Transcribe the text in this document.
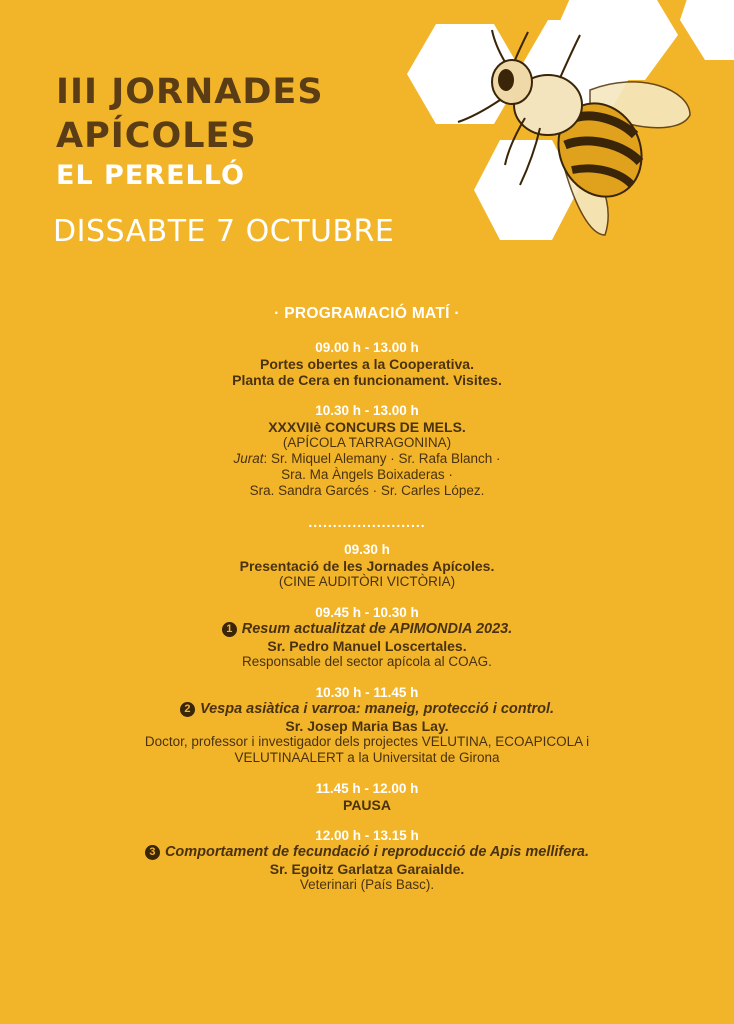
III JORNADES

APÍCOLES

EL PERELLÓ

DISSABTE 7 OCTUBRE
· PROGRAMACIÓ MATÍ ·
09.00 h - 13.00 h
Portes obertes a la Cooperativa.
Planta de Cera en funcionament. Visites.
10.30 h - 13.00 h
XXXVIIè CONCURS DE MELS.
(APÍCOLA TARRAGONINA)
Jurat: Sr. Miquel Alemany · Sr. Rafa Blanch ·
Sra. Ma Àngels Boixaderas ·
Sra. Sandra Garcés · Sr. Carles López.
........................
09.30 h
Presentació de les Jornades Apícoles.
(CINE AUDITÒRI VICTÒRIA)
09.45 h - 10.30 h
1 Resum actualitzat de APIMONDIA 2023.
Sr. Pedro Manuel Loscertales.
Responsable del sector apícola al COAG.
10.30 h - 11.45 h
2 Vespa asiàtica i varroa: maneig, protecció i control.
Sr. Josep Maria Bas Lay.
Doctor, professor i investigador dels projectes VELUTINA, ECOAPICOLA i
VELUTINAALERT a la Universitat de Girona
11.45 h - 12.00 h
PAUSA
12.00 h - 13.15 h
3 Comportament de fecundació i reproducció de Apis mellifera.
Sr. Egoitz Garlatza Garaialde.
Veterinari (País Basc).
